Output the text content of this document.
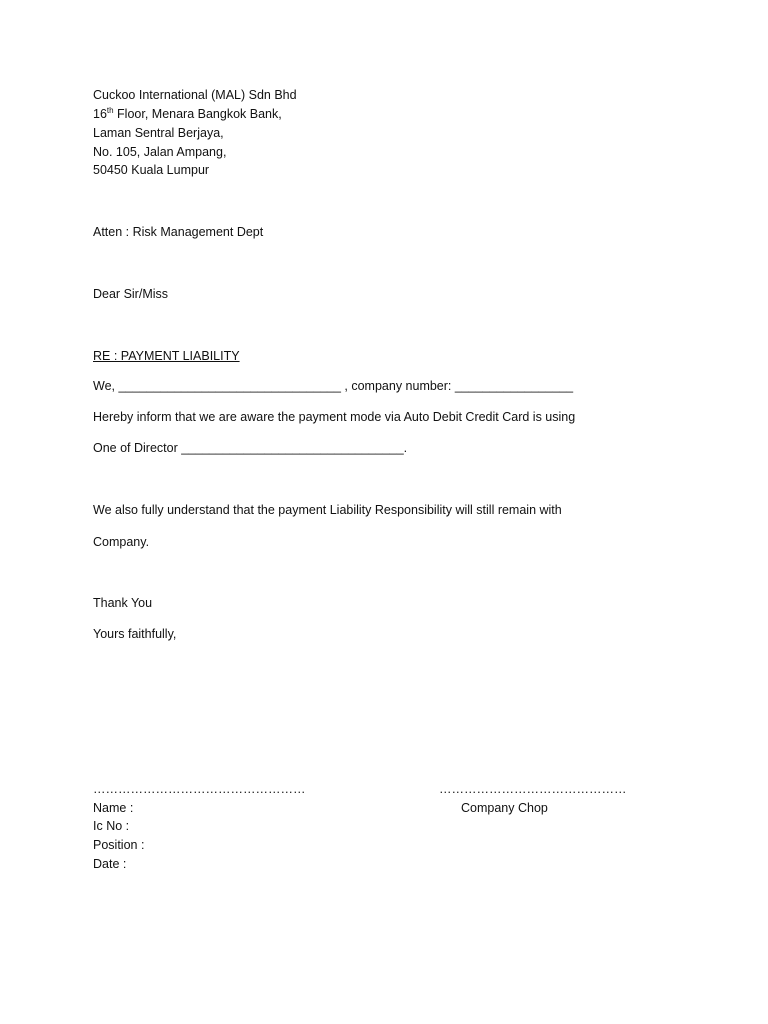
Cuckoo International (MAL) Sdn Bhd
16th Floor, Menara Bangkok Bank,
Laman Sentral Berjaya,
No. 105, Jalan Ampang,
50450 Kuala Lumpur
Atten : Risk Management Dept
Dear Sir/Miss
RE : PAYMENT LIABILITY
We, ________________________________ , company number: _________________
Hereby inform that we are aware the payment mode via Auto Debit Credit Card is using
One of Director ________________________________.
We also fully understand that the payment Liability Responsibility will still remain with
Company.
Thank You
Yours faithfully,
……………………………………………	………………………………………
Name :	Company Chop
Ic No :
Position :
Date :
